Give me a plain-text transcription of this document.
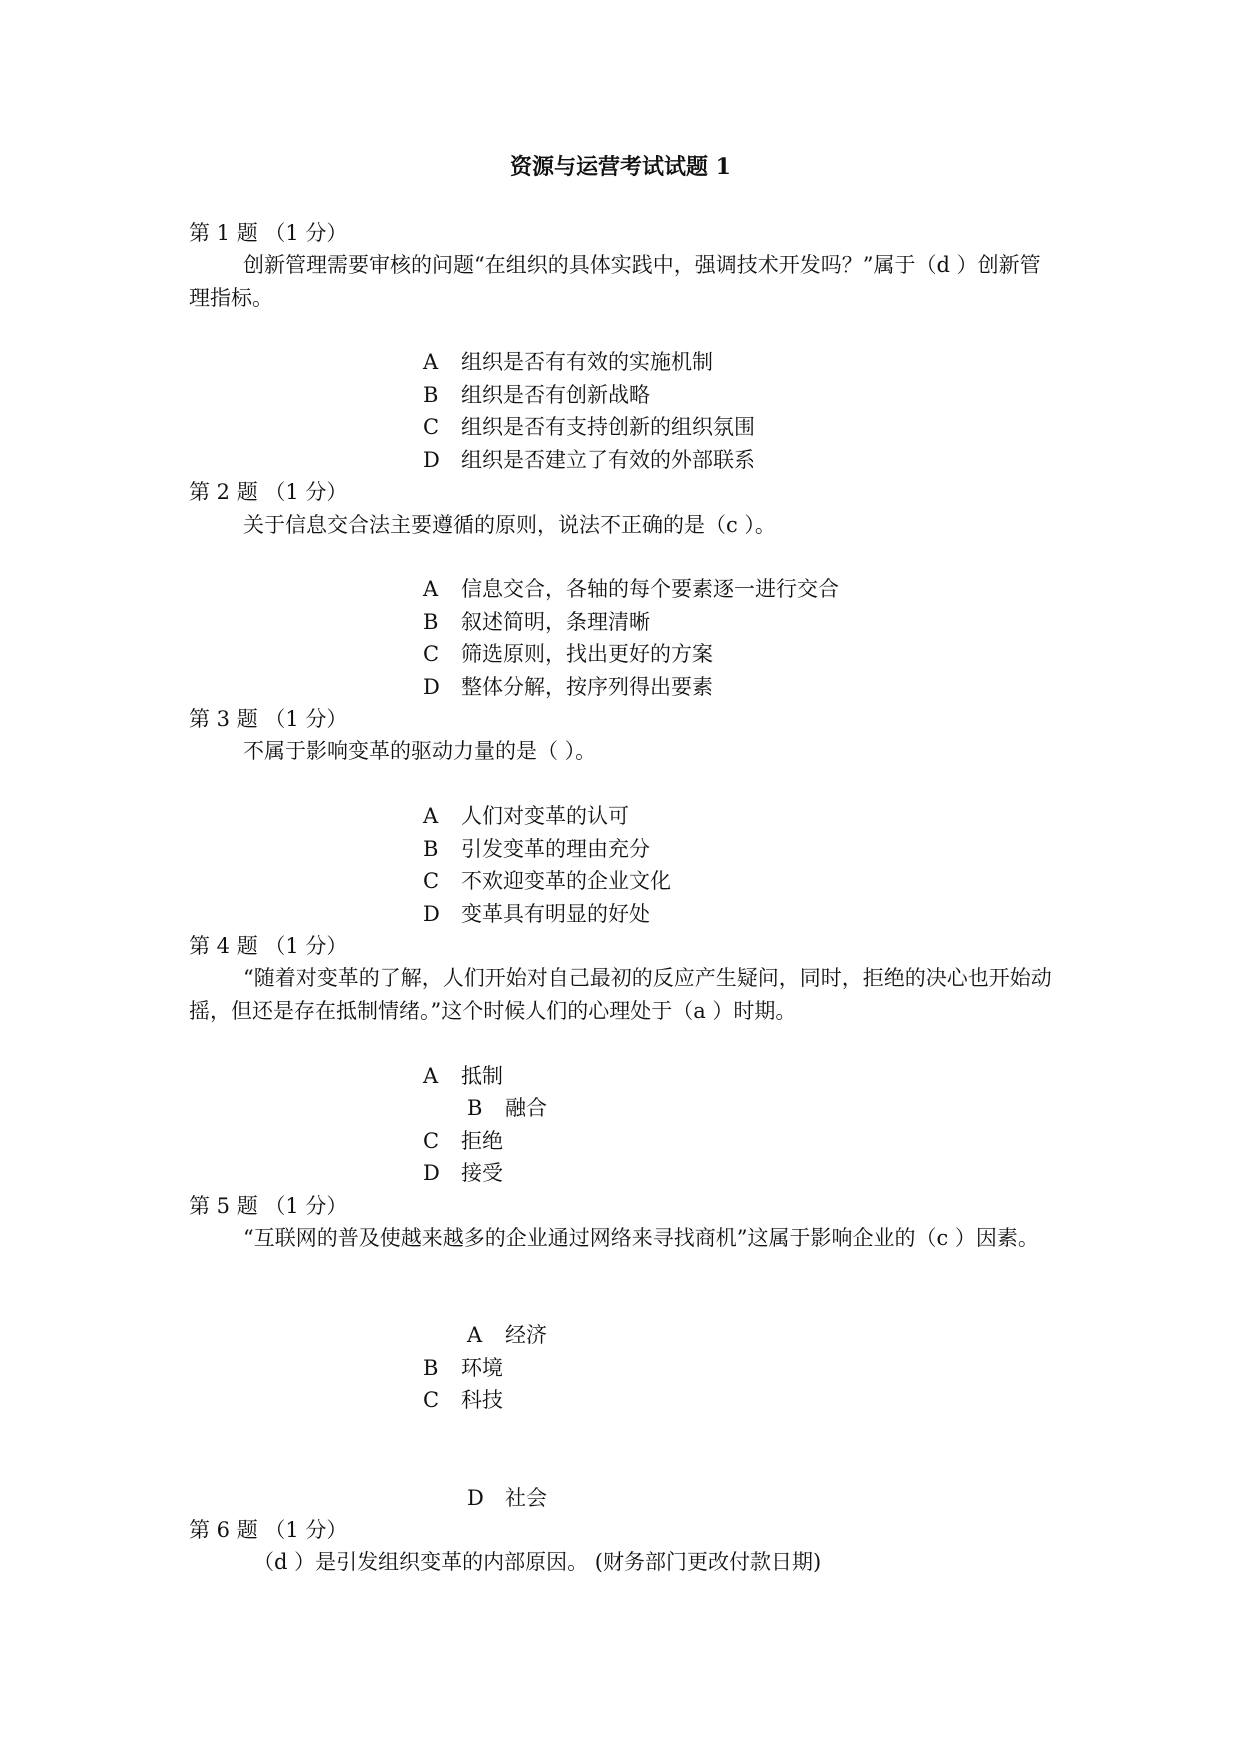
资源与运营考试试题 1
第 1 题 （1 分）
创新管理需要审核的问题“在组织的具体实践中，强调技术开发吗？”属于（d ）创新管理指标。
A 组织是否有有效的实施机制
B 组织是否有创新战略
C 组织是否有支持创新的组织氛围
D 组织是否建立了有效的外部联系
第 2 题 （1 分）
关于信息交合法主要遵循的原则，说法不正确的是（c ）。
A 信息交合，各轴的每个要素逐一进行交合
B 叙述简明，条理清晰
C 筛选原则，找出更好的方案
D 整体分解，按序列得出要素
第 3 题 （1 分）
不属于影响变革的驱动力量的是（ ）。
A 人们对变革的认可
B 引发变革的理由充分
C 不欢迎变革的企业文化
D 变革具有明显的好处
第 4 题 （1 分）
“随着对变革的了解，人们开始对自己最初的反应产生疑问，同时，拒绝的决心也开始动摇，但还是存在抵制情绪。”这个时候人们的心理处于（a ）时期。
A 抵制
B 融合
C 拒绝
D 接受
第 5 题 （1 分）
“互联网的普及使越来越多的企业通过网络来寻找商机”这属于影响企业的（c ）因素。
A 经济
B 环境
C 科技
D 社会
第 6 题 （1 分）
（d ）是引发组织变革的内部原因。 (财务部门更改付款日期)
